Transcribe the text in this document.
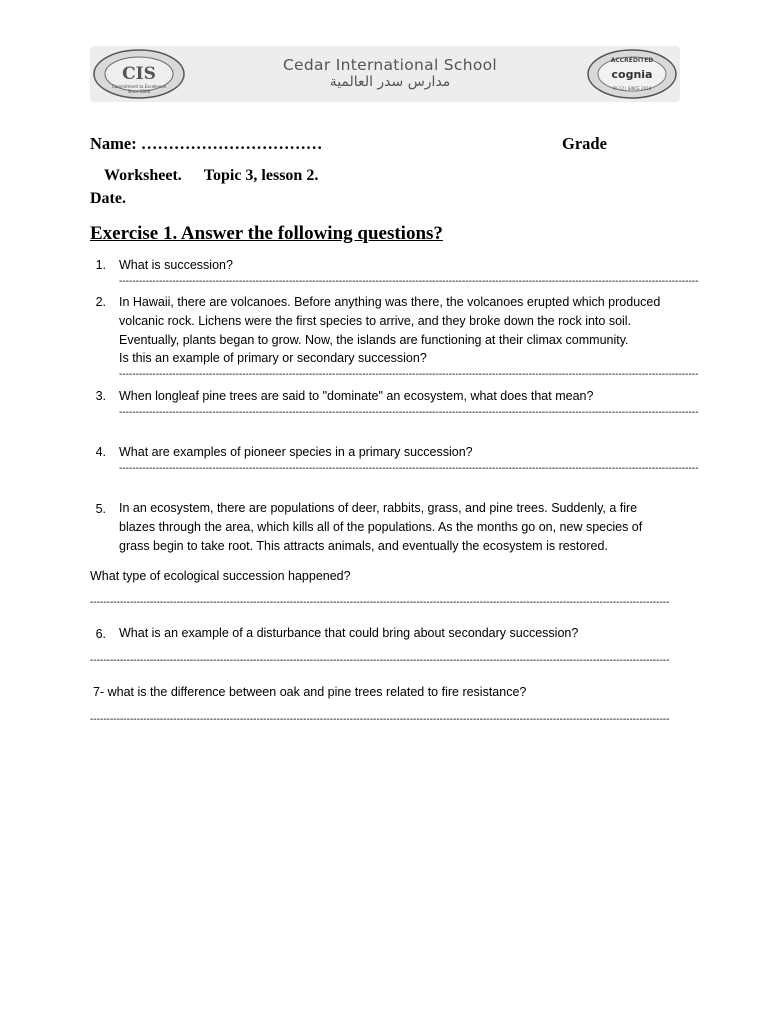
CIS
Commitment to Excellence
Since 2006
Cedar International School
مدارس سدر العالمية
ACCREDITED
cognia
PK-12 | SINCE 2016
Name: ……………………………	Grade
Worksheet. Topic 3, lesson 2.
Date.
Exercise 1. Answer the following questions?
1. What is succession?
------------------------------------------------------------------------------------------------------------------------------------------------------------------------------
2. In Hawaii, there are volcanoes. Before anything was there, the volcanoes erupted which produced
volcanic rock. Lichens were the first species to arrive, and they broke down the rock into soil.
Eventually, plants began to grow. Now, the islands are functioning at their climax community.
Is this an example of primary or secondary succession?
------------------------------------------------------------------------------------------------------------------------------------------------------------------------------
3. When longleaf pine trees are said to "dominate" an ecosystem, what does that mean?
------------------------------------------------------------------------------------------------------------------------------------------------------------------------------
4. What are examples of pioneer species in a primary succession?
------------------------------------------------------------------------------------------------------------------------------------------------------------------------------
5. In an ecosystem, there are populations of deer, rabbits, grass, and pine trees. Suddenly, a fire
blazes through the area, which kills all of the populations. As the months go on, new species of
grass begin to take root. This attracts animals, and eventually the ecosystem is restored.
What type of ecological succession happened?
------------------------------------------------------------------------------------------------------------------------------------------------------------------------------
6. What is an example of a disturbance that could bring about secondary succession?
------------------------------------------------------------------------------------------------------------------------------------------------------------------------------
7- what is the difference between oak and pine trees related to fire resistance?
------------------------------------------------------------------------------------------------------------------------------------------------------------------------------
